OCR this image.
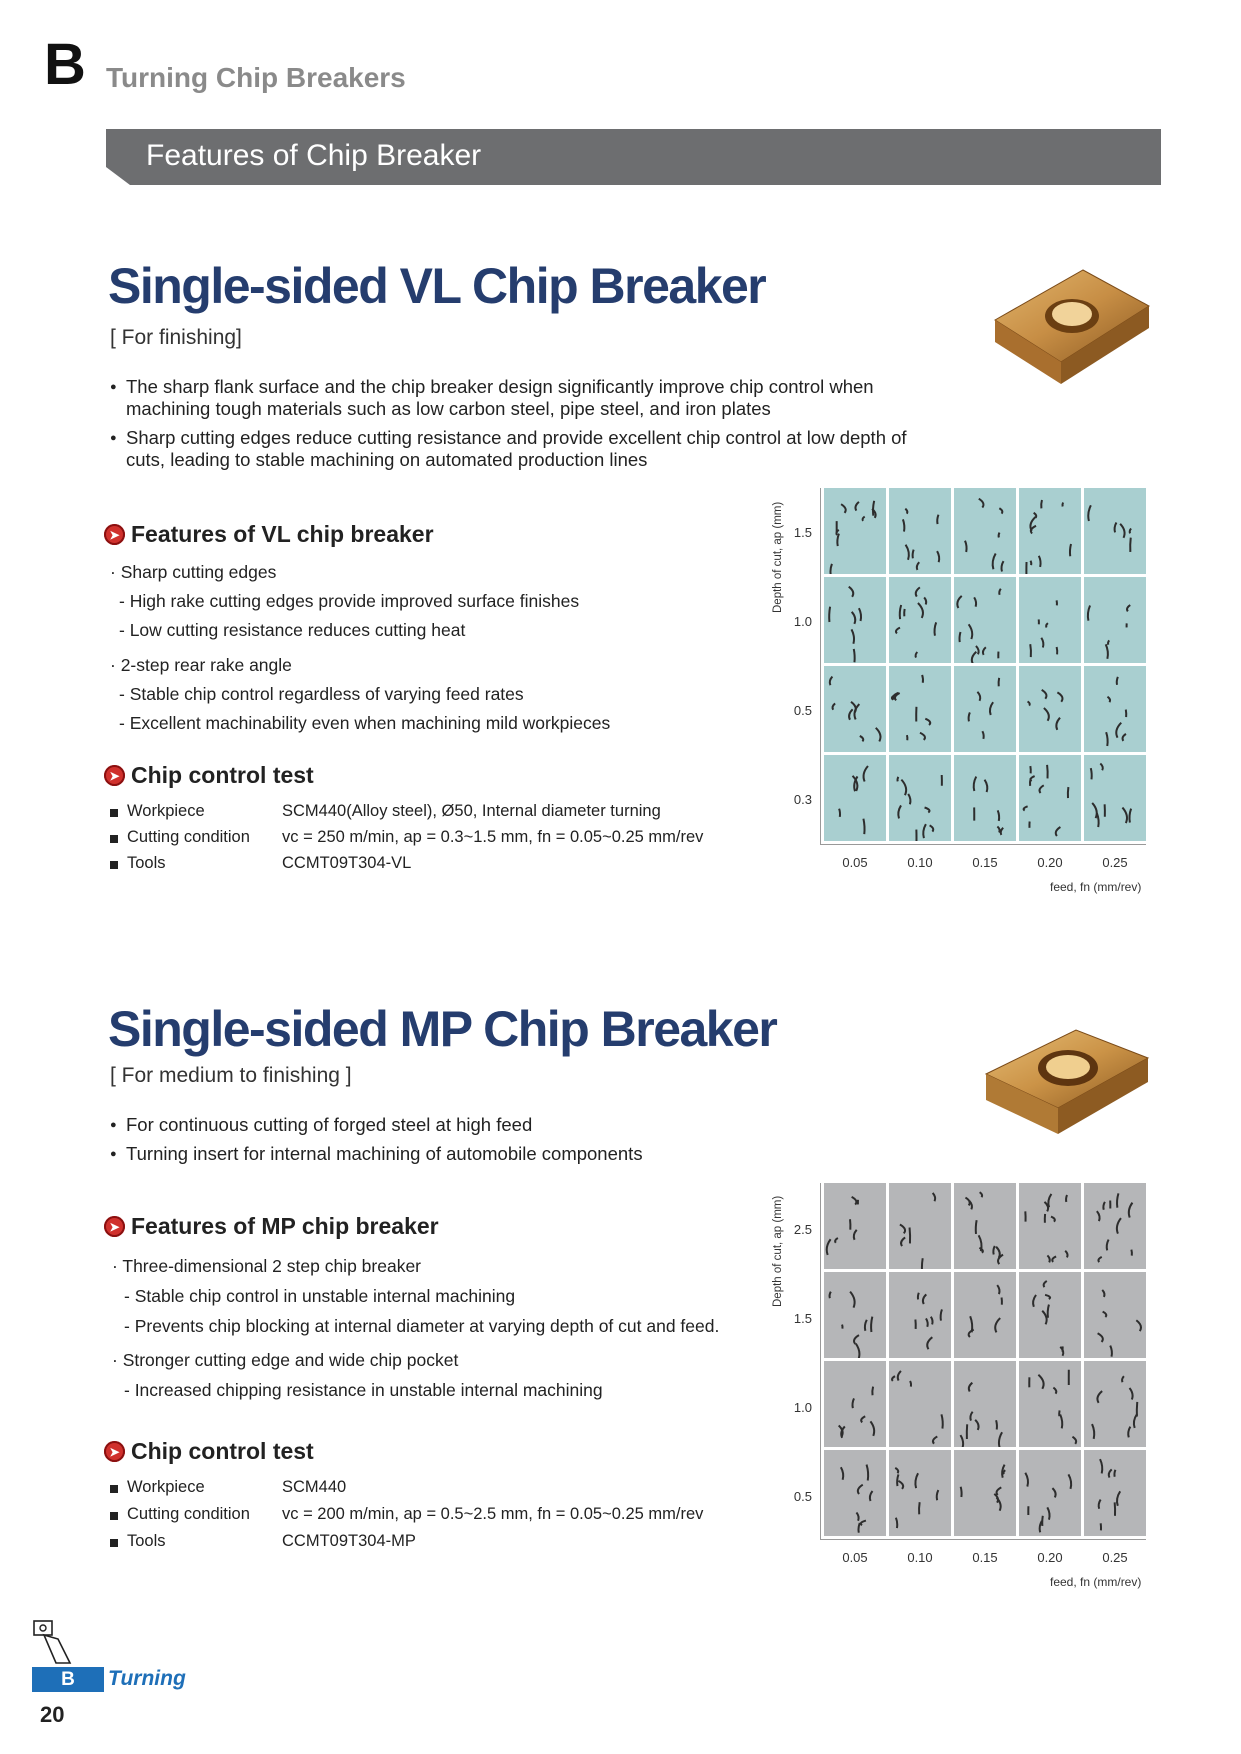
B Turning Chip Breakers
Features of Chip Breaker
Single-sided VL Chip Breaker
[ For finishing]
● The sharp flank surface and the chip breaker design significantly improve chip control when machining tough materials such as low carbon steel, pipe steel, and iron plates
● Sharp cutting edges reduce cutting resistance and provide excellent chip control at low depth of cuts, leading to stable machining on automated production lines
➤ Features of VL chip breaker
· Sharp cutting edges
- High rake cutting edges provide improved surface finishes
- Low cutting resistance reduces cutting heat
· 2-step rear rake angle
- Stable chip control regardless of varying feed rates
- Excellent machinability even when machining mild workpieces
➤ Chip control test
Workpiece	SCM440(Alloy steel), Ø50, Internal diameter turning
Cutting condition	vc = 250 m/min, ap = 0.3~1.5 mm, fn = 0.05~0.25 mm/rev
Tools	CCMT09T304-VL
Depth of cut, ap (mm) 1.5
1.0
0.5
0.3
0.05	0.10	0.15	0.20	0.25
feed, fn (mm/rev)
Single-sided MP Chip Breaker
[ For medium to finishing ]
● For continuous cutting of forged steel at high feed
● Turning insert for internal machining of automobile components
➤ Features of MP chip breaker
· Three-dimensional 2 step chip breaker
- Stable chip control in unstable internal machining
- Prevents chip blocking at internal diameter at varying depth of cut and feed.
· Stronger cutting edge and wide chip pocket
- Increased chipping resistance in unstable internal machining
➤ Chip control test
Workpiece	SCM440
Cutting condition	vc = 200 m/min, ap = 0.5~2.5 mm, fn = 0.05~0.25 mm/rev
Tools	CCMT09T304-MP
Depth of cut, ap (mm) 2.5
1.5
1.0
0.5
0.05	0.10	0.15	0.20	0.25
feed, fn (mm/rev)
B	Turning
20
